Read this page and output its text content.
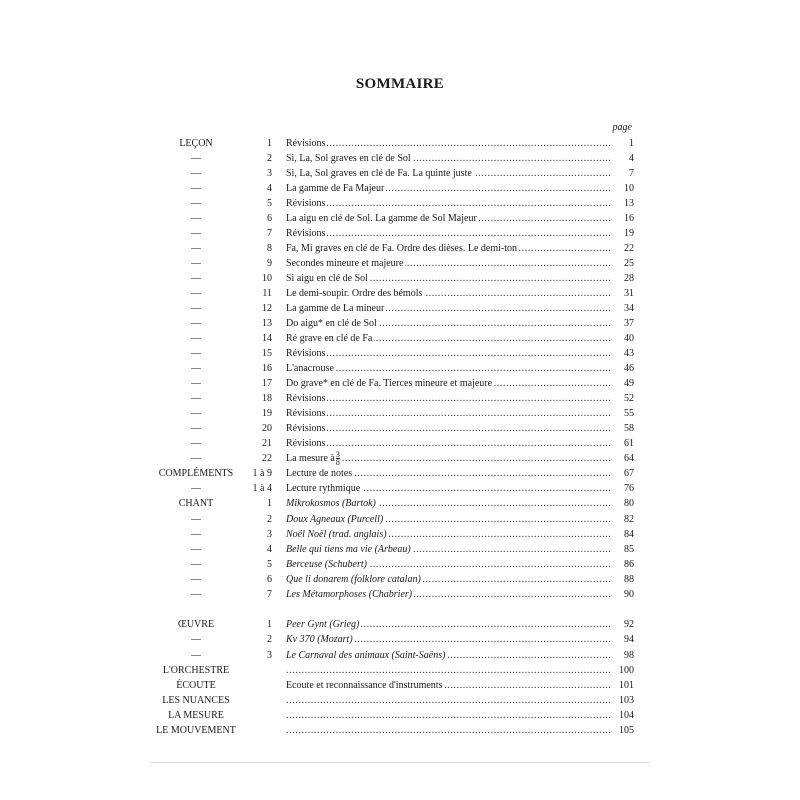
SOMMAIRE
page
LEÇON	1 ..... Révisions	1
—	2 ..... Si, La, Sol graves en clé de Sol	4
—	3 ..... Si, La, Sol graves en clé de Fa. La quinte juste	7
—	4 ..... La gamme de Fa Majeur	10
—	5 ..... Révisions	13
—	6 ..... La aigu en clé de Sol. La gamme de Sol Majeur	16
—	7 ..... Révisions	19
—	8 ..... Fa, Mi graves en clé de Fa. Ordre des dièses. Le demi-ton	22
—	9 ..... Secondes mineure et majeure	25
—	10 ..... Si aigu en clé de Sol	28
—	11 ..... Le demi-soupir. Ordre des bémols	31
—	12 ..... La gamme de La mineur	34
—	13 ..... Do aigu* en clé de Sol	37
—	14 ..... Ré grave en clé de Fa	40
—	15 ..... Révisions	43
—	16 ..... L'anacrouse	46
—	17 ..... Do grave* en clé de Fa. Tierces mineure et majeure	49
—	18 ..... Révisions	52
—	19 ..... Révisions	55
—	20 ..... Révisions	58
—	21 ..... Révisions	61
—	22 ..... La mesure à $\frac{3}{8}$	64
COMPLÉMENTS	1 à 9 ..... Lecture de notes	67
—	1 à 4 ..... Lecture rythmique	76
CHANT	1 ..... Mikrokosmos (Bartok)	80
—	2 ..... Doux Agneaux (Purcell)	82
—	3 ..... Noël Noël (trad. anglais)	84
—	4 ..... Belle qui tiens ma vie (Arbeau)	85
—	5 ..... Berceuse (Schubert)	86
—	6 ..... Que li donarem (folklore catalan)	88
—	7 ..... Les Métamorphoses (Chabrier)	90
ŒUVRE	1 ..... Peer Gynt (Grieg)	92
—	2 ..... Kv 370 (Mozart)	94
—	3 ..... Le Carnaval des animaux (Saint-Saëns)	98
L'ORCHESTRE .....	100
ÉCOUTE .....	Ecoute et reconnaissance d'instruments	101
LES NUANCES .....	103
LA MESURE .....	104
LE MOUVEMENT .....	105
